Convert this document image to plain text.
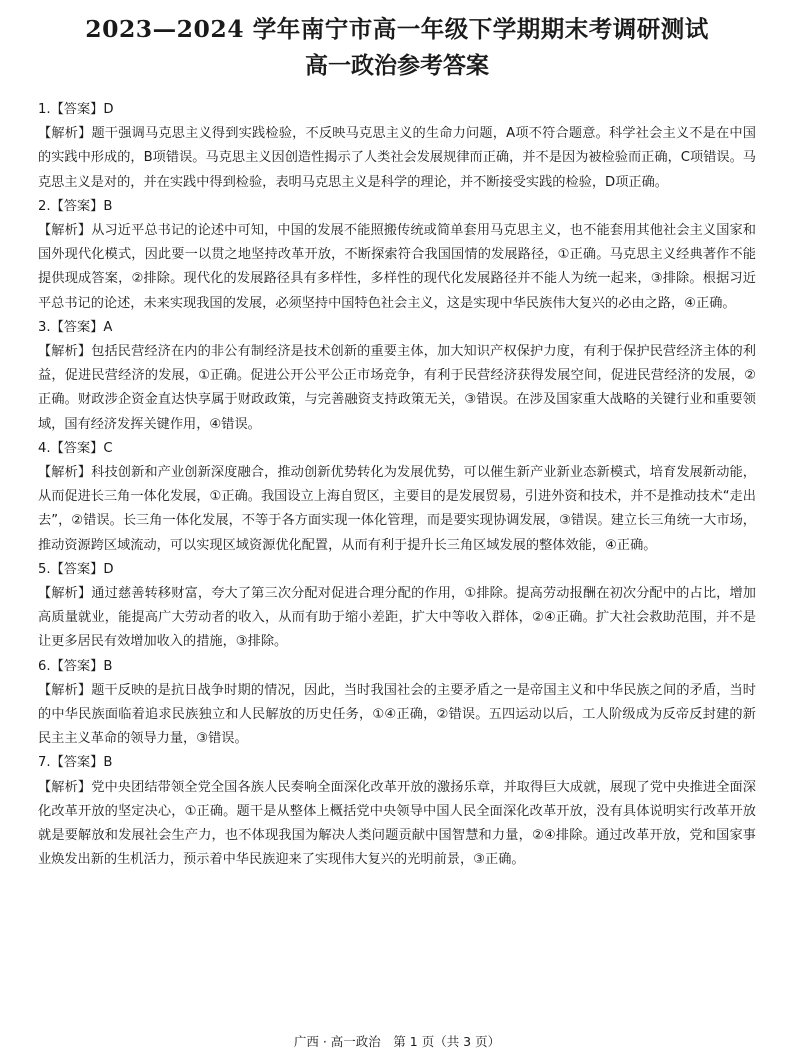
2023—2024 学年南宁市高一年级下学期期末考调研测试
高一政治参考答案

1.【答案】D

【解析】题干强调马克思主义得到实践检验，不反映马克思主义的生命力问题，A项不符合题意。科学社会主义不是在中国的实践中形成的，B项错误。马克思主义因创造性揭示了人类社会发展规律而正确，并不是因为被检验而正确，C项错误。马克思主义是对的，并在实践中得到检验，表明马克思主义是科学的理论，并不断接受实践的检验，D项正确。

2.【答案】B

【解析】从习近平总书记的论述中可知，中国的发展不能照搬传统或简单套用马克思主义，也不能套用其他社会主义国家和国外现代化模式，因此要一以贯之地坚持改革开放，不断探索符合我国国情的发展路径，①正确。马克思主义经典著作不能提供现成答案，②排除。现代化的发展路径具有多样性，多样性的现代化发展路径并不能人为统一起来，③排除。根据习近平总书记的论述，未来实现我国的发展，必须坚持中国特色社会主义，这是实现中华民族伟大复兴的必由之路，④正确。

3.【答案】A

【解析】包括民营经济在内的非公有制经济是技术创新的重要主体，加大知识产权保护力度，有利于保护民营经济主体的利益，促进民营经济的发展，①正确。促进公开公平公正市场竞争，有利于民营经济获得发展空间，促进民营经济的发展，②正确。财政涉企资金直达快享属于财政政策，与完善融资支持政策无关，③错误。在涉及国家重大战略的关键行业和重要领域，国有经济发挥关键作用，④错误。

4.【答案】C

【解析】科技创新和产业创新深度融合，推动创新优势转化为发展优势，可以催生新产业新业态新模式，培育发展新动能，从而促进长三角一体化发展，①正确。我国设立上海自贸区，主要目的是发展贸易，引进外资和技术，并不是推动技术“走出去”，②错误。长三角一体化发展，不等于各方面实现一体化管理，而是要实现协调发展，③错误。建立长三角统一大市场，推动资源跨区域流动，可以实现区域资源优化配置，从而有利于提升长三角区域发展的整体效能，④正确。

5.【答案】D

【解析】通过慈善转移财富，夸大了第三次分配对促进合理分配的作用，①排除。提高劳动报酬在初次分配中的占比，增加高质量就业，能提高广大劳动者的收入，从而有助于缩小差距，扩大中等收入群体，②④正确。扩大社会救助范围，并不是让更多居民有效增加收入的措施，③排除。

6.【答案】B

【解析】题干反映的是抗日战争时期的情况，因此，当时我国社会的主要矛盾之一是帝国主义和中华民族之间的矛盾，当时的中华民族面临着追求民族独立和人民解放的历史任务，①④正确，②错误。五四运动以后，工人阶级成为反帝反封建的新民主主义革命的领导力量，③错误。

7.【答案】B

【解析】党中央团结带领全党全国各族人民奏响全面深化改革开放的激扬乐章，并取得巨大成就，展现了党中央推进全面深化改革开放的坚定决心，①正确。题干是从整体上概括党中央领导中国人民全面深化改革开放，没有具体说明实行改革开放就是要解放和发展社会生产力，也不体现我国为解决人类问题贡献中国智慧和力量，②④排除。通过改革开放，党和国家事业焕发出新的生机活力，预示着中华民族迎来了实现伟大复兴的光明前景，③正确。

广西 · 高一政治　第 1 页（共 3 页）
